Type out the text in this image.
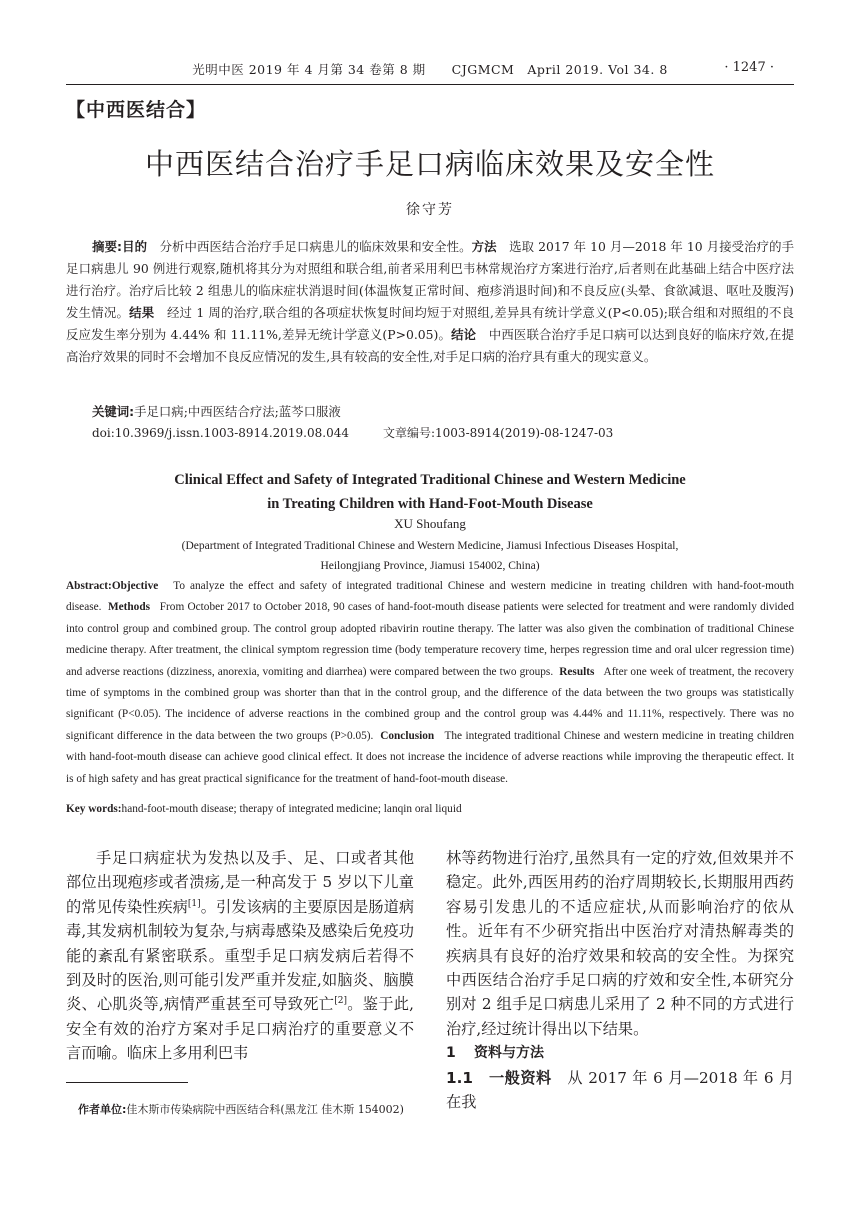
光明中医 2019 年 4 月第 34 卷第 8 期　　CJGMCM　April 2019. Vol 34. 8	· 1247 ·
【中西医结合】
中西医结合治疗手足口病临床效果及安全性
徐守芳

摘要:目的　 分析中西医结合治疗手足口病患儿的临床效果和安全性。方法　 选取 2017 年 10 月—2018 年 10 月接受治疗的手足口病患儿 90 例进行观察,随机将其分为对照组和联合组,前者采用利巴韦林常规治疗方案进行治疗,后者则在此基础上结合中医疗法进行治疗。治疗后比较 2 组患儿的临床症状消退时间(体温恢复正常时间、疱疹消退时间)和不良反应(头晕、食欲减退、呕吐及腹泻)发生情况。结果　 经过 1 周的治疗,联合组的各项症状恢复时间均短于对照组,差异具有统计学意义(P<0.05);联合组和对照组的不良反应发生率分别为 4.44% 和 11.11%,差异无统计学意义(P>0.05)。结论　 中西医联合治疗手足口病可以达到良好的临床疗效,在提高治疗效果的同时不会增加不良反应情况的发生,具有较高的安全性,对手足口病的治疗具有重大的现实意义。

关键词:手足口病;中西医结合疗法;蓝芩口服液
doi:10.3969/j.issn.1003-8914.2019.08.044	文章编号:1003-8914(2019)-08-1247-03
Clinical Effect and Safety of Integrated Traditional Chinese and Western Medicine
in Treating Children with Hand-Foot-Mouth Disease
XU Shoufang
(Department of Integrated Traditional Chinese and Western Medicine, Jiamusi Infectious Diseases Hospital,
Heilongjiang Province, Jiamusi 154002, China)

Abstract:Objective To analyze the effect and safety of integrated traditional Chinese and western medicine in treating children with hand-foot-mouth disease. Methods From October 2017 to October 2018, 90 cases of hand-foot-mouth disease patients were selected for treatment and were randomly divided into control group and combined group. The control group adopted ribavirin routine therapy. The latter was also given the combination of traditional Chinese medicine therapy. After treatment, the clinical symptom regression time (body temperature recovery time, herpes regression time and oral ulcer regression time) and adverse reactions (dizziness, anorexia, vomiting and diarrhea) were compared between the two groups. Results After one week of treatment, the recovery time of symptoms in the combined group was shorter than that in the control group, and the difference of the data between the two groups was statistically significant (P<0.05). The incidence of adverse reactions in the combined group and the control group was 4.44% and 11.11%, respectively. There was no significant difference in the data between the two groups (P>0.05). Conclusion The integrated traditional Chinese and western medicine in treating children with hand-foot-mouth disease can achieve good clinical effect. It does not increase the incidence of adverse reactions while improving the therapeutic effect. It is of high safety and has great practical significance for the treatment of hand-foot-mouth disease.

Key words:hand-foot-mouth disease; therapy of integrated medicine; lanqin oral liquid

手足口病症状为发热以及手、足、口或者其他部位出现疱疹或者溃疡,是一种高发于 5 岁以下儿童的常见传染性疾病[1]。引发该病的主要原因是肠道病毒,其发病机制较为复杂,与病毒感染及感染后免疫功能的紊乱有紧密联系。重型手足口病发病后若得不到及时的医治,则可能引发严重并发症,如脑炎、脑膜炎、心肌炎等,病情严重甚至可导致死亡[2]。鉴于此,安全有效的治疗方案对手足口病治疗的重要意义不言而喻。临床上多用利巴韦

林等药物进行治疗,虽然具有一定的疗效,但效果并不稳定。此外,西医用药的治疗周期较长,长期服用西药容易引发患儿的不适应症状,从而影响治疗的依从性。近年有不少研究指出中医治疗对清热解毒类的疾病具有良好的治疗效果和较高的安全性。为探究中西医结合治疗手足口病的疗效和安全性,本研究分别对 2 组手足口病患儿采用了 2 种不同的方式进行治疗,经过统计得出以下结果。

1 资料与方法

1.1　 一般资料　 从 2017 年 6 月—2018 年 6 月在我

作者单位:佳木斯市传染病院中西医结合科(黑龙江 佳木斯 154002)
